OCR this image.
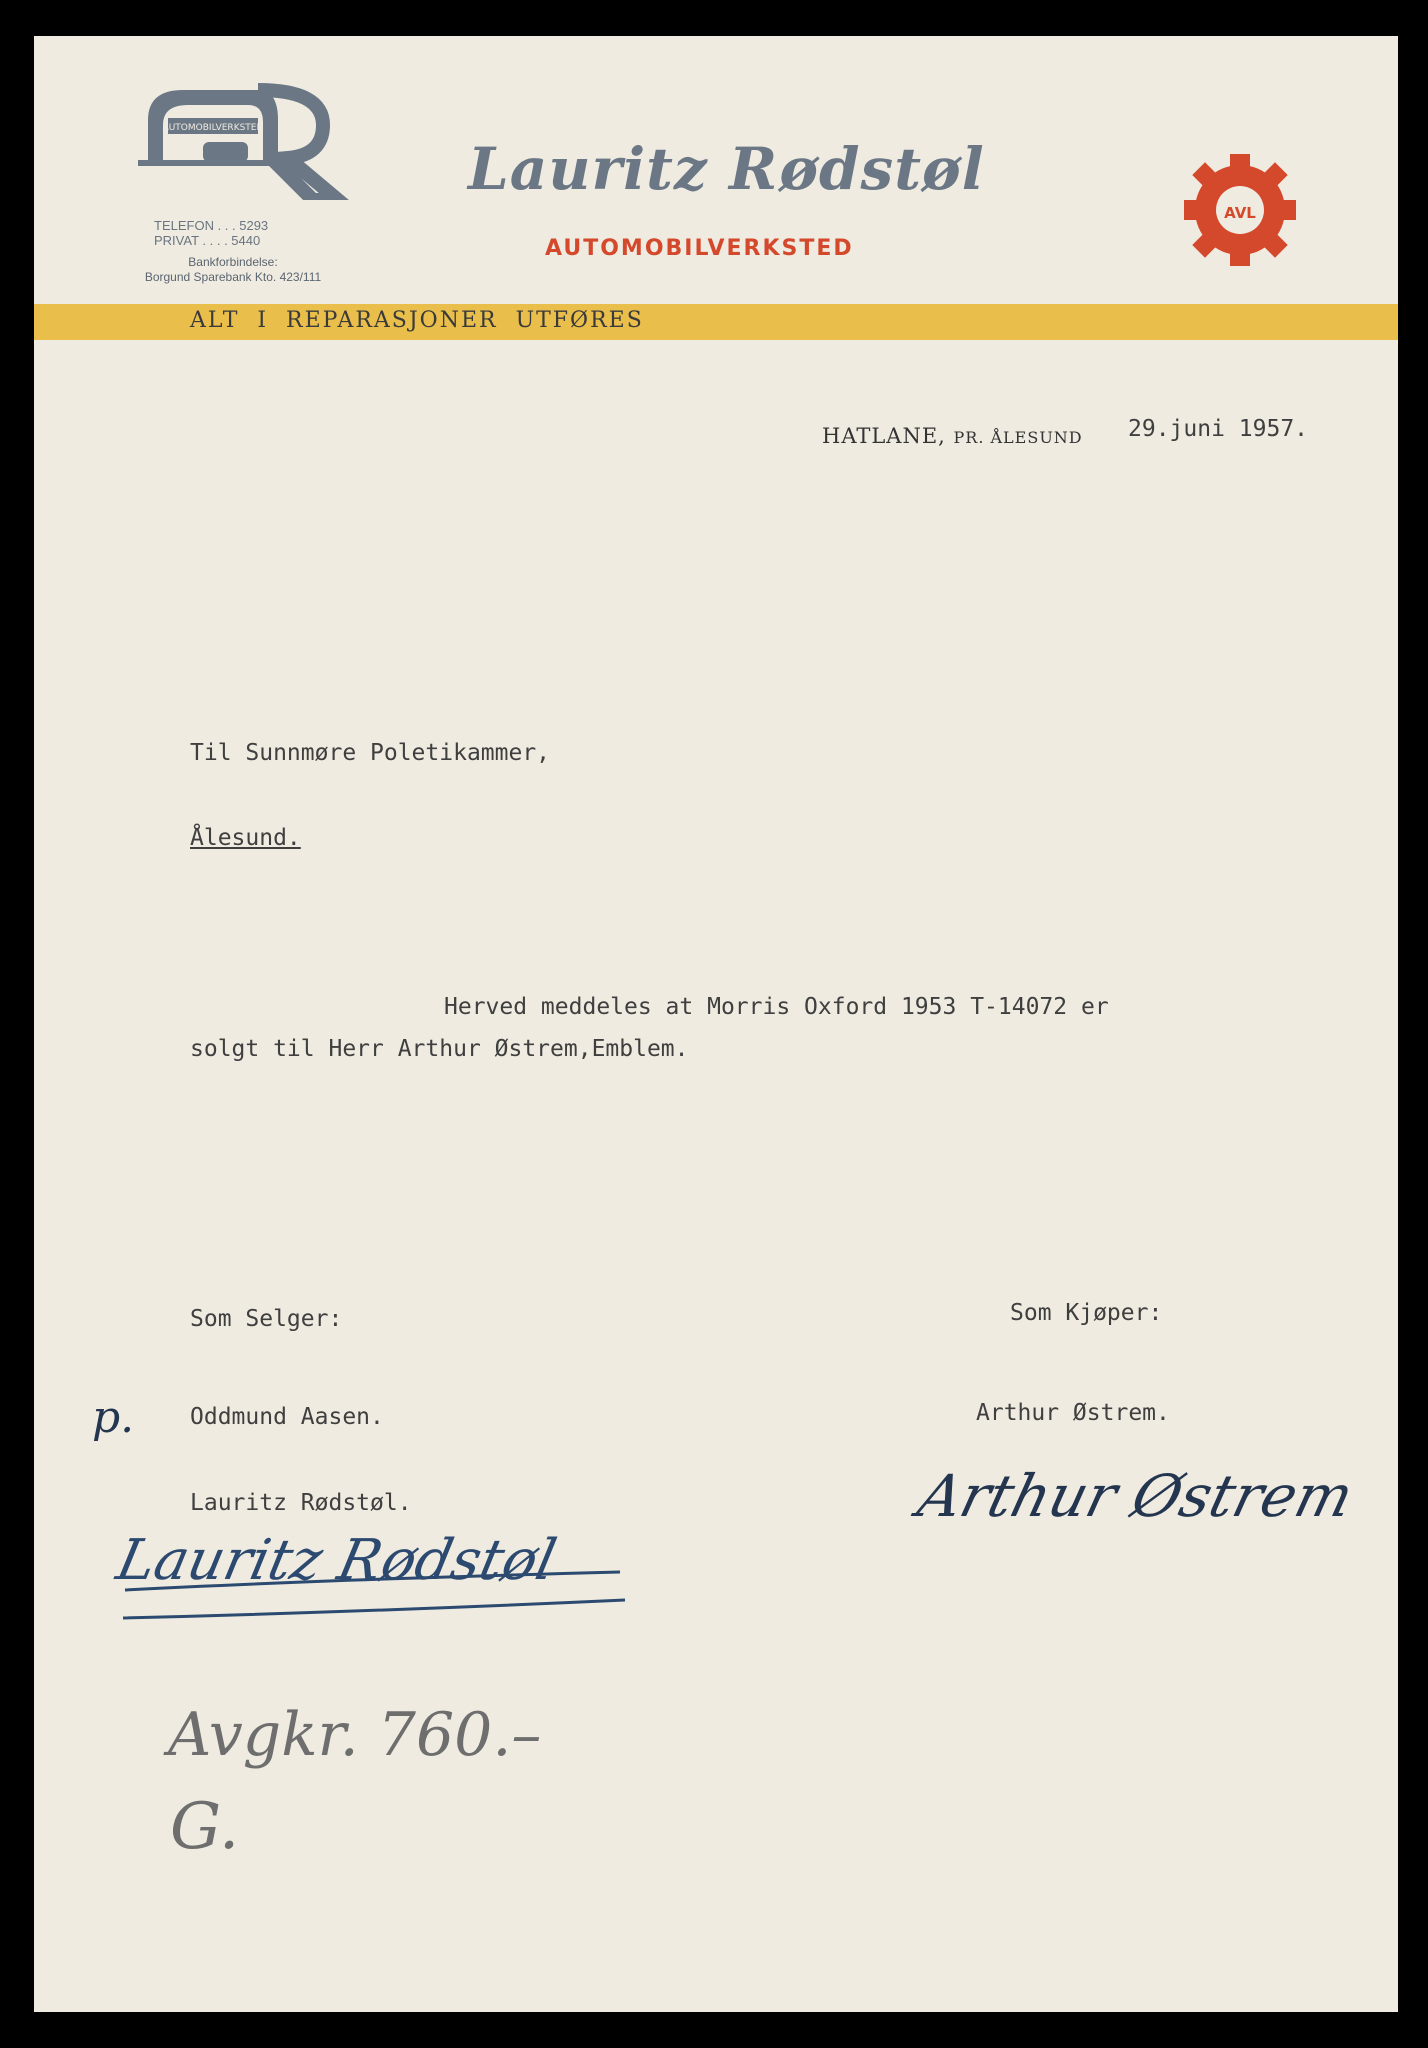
AUTOMOBILVERKSTED
TELEFON . . . 5293
PRIVAT . . . . 5440
Bankforbindelse:
Borgund Sparebank Kto. 423/111
Lauritz Rødstøl
AUTOMOBILVERKSTED
AVL
ALT  I  REPARASJONER  UTFØRES
HATLANE, PR. ÅLESUND 29.juni 1957.
Til Sunnmøre Poletikammer,
Ålesund.
Herved meddeles at Morris Oxford 1953 T-14072 er
solgt til Herr Arthur Østrem,Emblem.
Som Selger:	Som Kjøper:
p. Oddmund Aasen.	Arthur Østrem.
Lauritz Rødstøl.
Lauritz Rødstøl
Arthur Østrem
Avgkr. 760.–
G.
